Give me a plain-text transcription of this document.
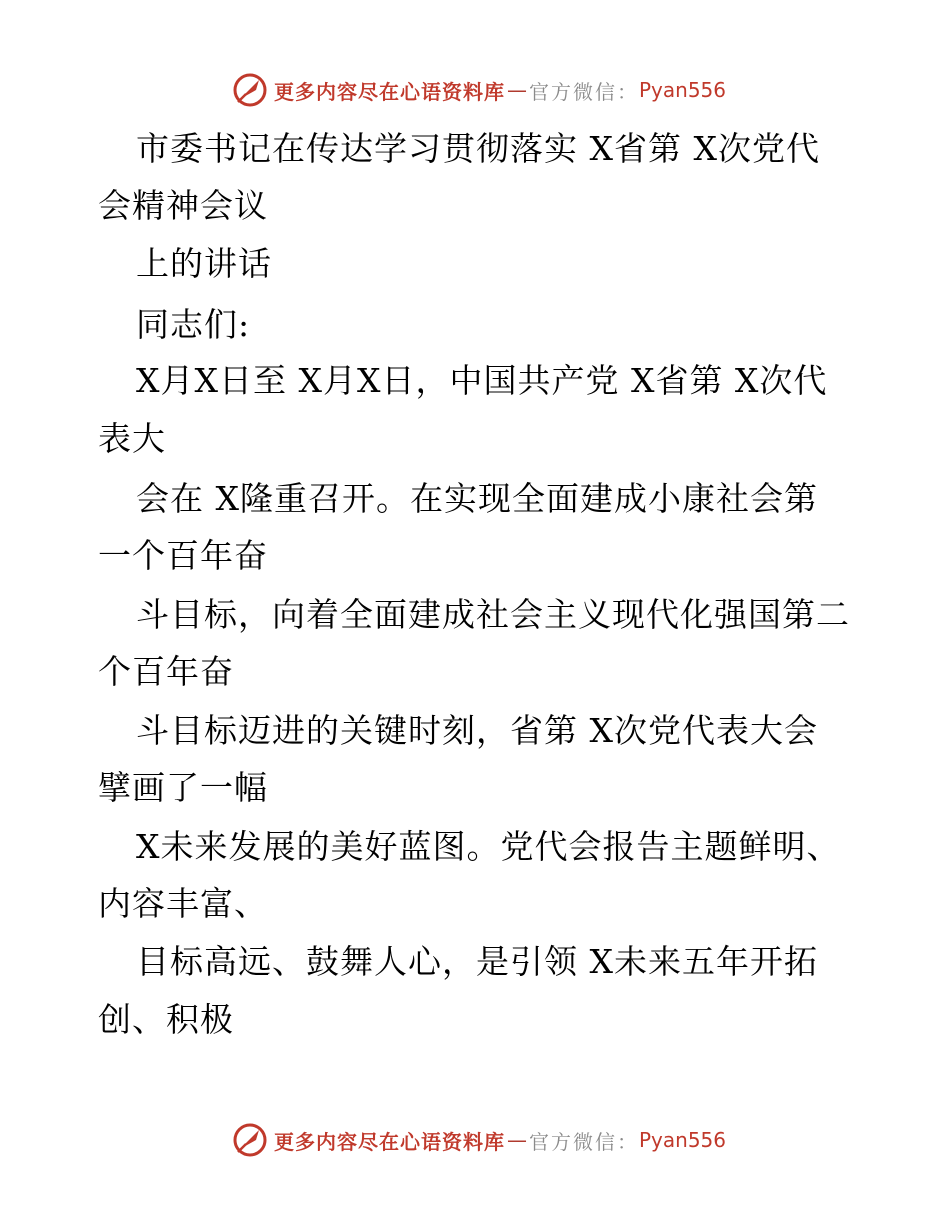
更多内容尽在心语资料库 — 官方微信： Pyan556
市委书记在传达学习贯彻落实 X省第 X次党代
会精神会议
上的讲话
同志们:
X月X日至 X月X日，中国共产党 X省第 X次代
表大
会在 X隆重召开。在实现全面建成小康社会第
一个百年奋
斗目标，向着全面建成社会主义现代化强国第二
个百年奋
斗目标迈进的关键时刻，省第 X次党代表大会
擘画了一幅
X未来发展的美好蓝图。党代会报告主题鲜明、
内容丰富、
目标高远、鼓舞人心，是引领 X未来五年开拓
创、积极
更多内容尽在心语资料库 — 官方微信： Pyan556
